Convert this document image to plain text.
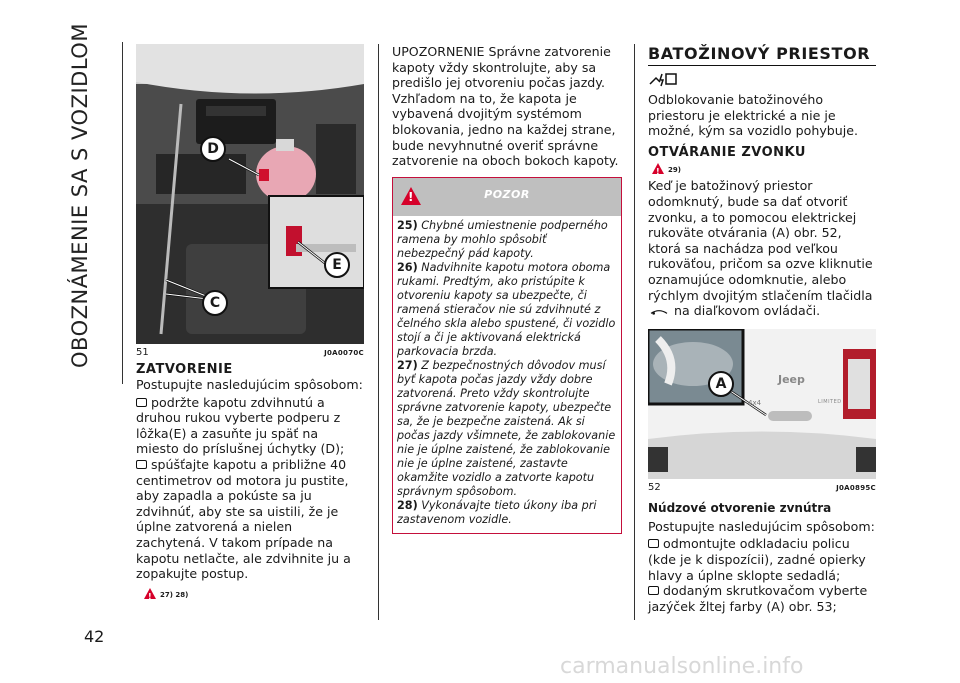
OBOZNÁMENIE SA S VOZIDLOM
42
D
E
C
51	J0A0070C
ZATVORENIE

Postupujte nasledujúcim spôsobom:

podržte kapotu zdvihnutú a druhou rukou vyberte podperu z lôžka(E) a zasuňte ju späť na miesto do príslušnej úchytky (D);

spúšťajte kapotu a približne 40 centimetrov od motora ju pustite, aby zapadla a pokúste sa ju zdvihnúť, aby ste sa uistili, že je úplne zatvorená a nielen zachytená. V takom prípade na kapotu netlačte, ale zdvihnite ju a zopakujte postup.

!27) 28)

UPOZORNENIE Správne zatvorenie kapoty vždy skontrolujte, aby sa predišlo jej otvoreniu počas jazdy. Vzhľadom na to, že kapota je vybavená dvojitým systémom blokovania, jedno na každej strane, bude nevyhnutné overiť správne zatvorenie na oboch bokoch kapoty.

!
POZOR

25) Chybné umiestnenie podperného ramena by mohlo spôsobiť nebezpečný pád kapoty.

26) Nadvihnite kapotu motora oboma rukami. Predtým, ako pristúpite k otvoreniu kapoty sa ubezpečte, či ramená stieračov nie sú zdvihnuté z čelného skla alebo spustené, či vozidlo stojí a či je aktivovaná elektrická parkovacia brzda.

27) Z bezpečnostných dôvodov musí byť kapota počas jazdy vždy dobre zatvorená. Preto vždy skontrolujte správne zatvorenie kapoty, ubezpečte sa, že je bezpečne zaistená. Ak si počas jazdy všimnete, že zablokovanie nie je úplne zaistené, že zablokovanie nie je úplne zaistené, zastavte okamžite vozidlo a zatvorte kapotu správnym spôsobom.

28) Vykonávajte tieto úkony iba pri zastavenom vozidle.

BATOŽINOVÝ PRIESTOR

Odblokovanie batožinového priestoru je elektrické a nie je možné, kým sa vozidlo pohybuje.

OTVÁRANIE ZVONKU

!29)

Keď je batožinový priestor odomknutý, bude sa dať otvoriť zvonku, a to pomocou elektrickej rukoväte otvárania (A) obr. 52, ktorá sa nachádza pod veľkou rukoväťou, pričom sa ozve kliknutie oznamujúce odomknutie, alebo rýchlym dvojitým stlačením tlačidla  na diaľkovom ovládači.

Jeep
4x4	LIMITED
A
52	J0A0895C
Núdzové otvorenie zvnútra

Postupujte nasledujúcim spôsobom:

odmontujte odkladaciu policu (kde je k dispozícii), zadné opierky hlavy a úplne sklopte sedadlá;

dodaným skrutkovačom vyberte jazýček žltej farby (A) obr. 53;

carmanualsonline.info
